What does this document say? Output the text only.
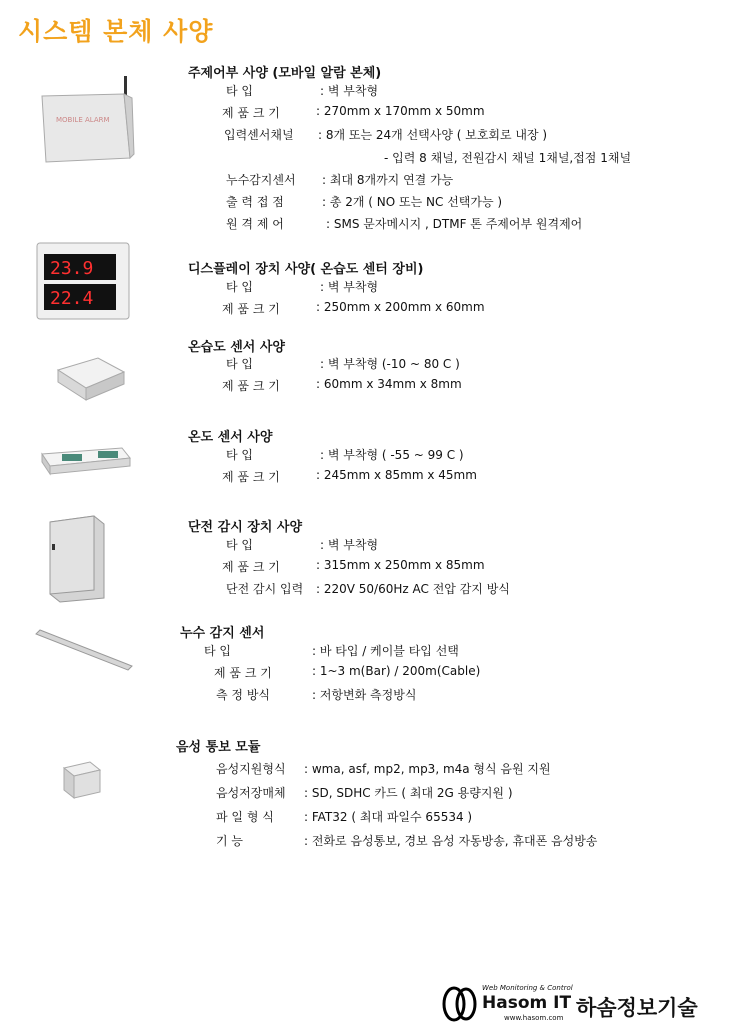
시스템 본체 사양
MOBILE ALARM
주제어부 사양 (모바일 알람 본체)
타 입	: 벽 부착형
제 품 크 기	: 270mm x 170mm x 50mm
입력센서채널 : 8개 또는 24개 선택사양 ( 보호회로 내장 )
- 입력 8 채널, 전원감시 채널 1채널,접점 1채널
누수감지센서 : 최대 8개까지 연결 가능
출 력 접 점	: 총 2개 ( NO 또는 NC 선택가능 )
원 격 제 어	: SMS 문자메시지 , DTMF 톤 주제어부 원격제어
23.9
22.4
디스플레이 장치 사양( 온습도 센터 장비)
타 입	: 벽 부착형
제 품 크 기	: 250mm x 200mm x 60mm
온습도 센서 사양
타 입	: 벽 부착형 (-10 ~ 80 C )
제 품 크 기	: 60mm x 34mm x 8mm
온도 센서 사양
타 입	: 벽 부착형 ( -55 ~ 99 C )
제 품 크 기	: 245mm x 85mm x 45mm
단전 감시 장치 사양
타 입	: 벽 부착형
제 품 크 기	: 315mm x 250mm x 85mm
단전 감시 입력 : 220V 50/60Hz AC 전압 감지 방식
누수 감지 센서
타 입	: 바 타입 / 케이블 타입 선택
제 품 크 기	: 1~3 m(Bar) / 200m(Cable)
측 정 방식	: 저항변화 측정방식
음성 통보 모듈
음성지원형식 : wma, asf, mp2, mp3, m4a 형식 음원 지원
음성저장매체 : SD, SDHC 카드 ( 최대 2G 용량지원 )
파 일 형 식	: FAT32 ( 최대 파일수 65534 )
기 능	: 전화로 음성통보, 경보 음성 자동방송, 휴대폰 음성방송
Web Monitoring & Control
Hasom IT
www.hasom.com 하솜정보기술
